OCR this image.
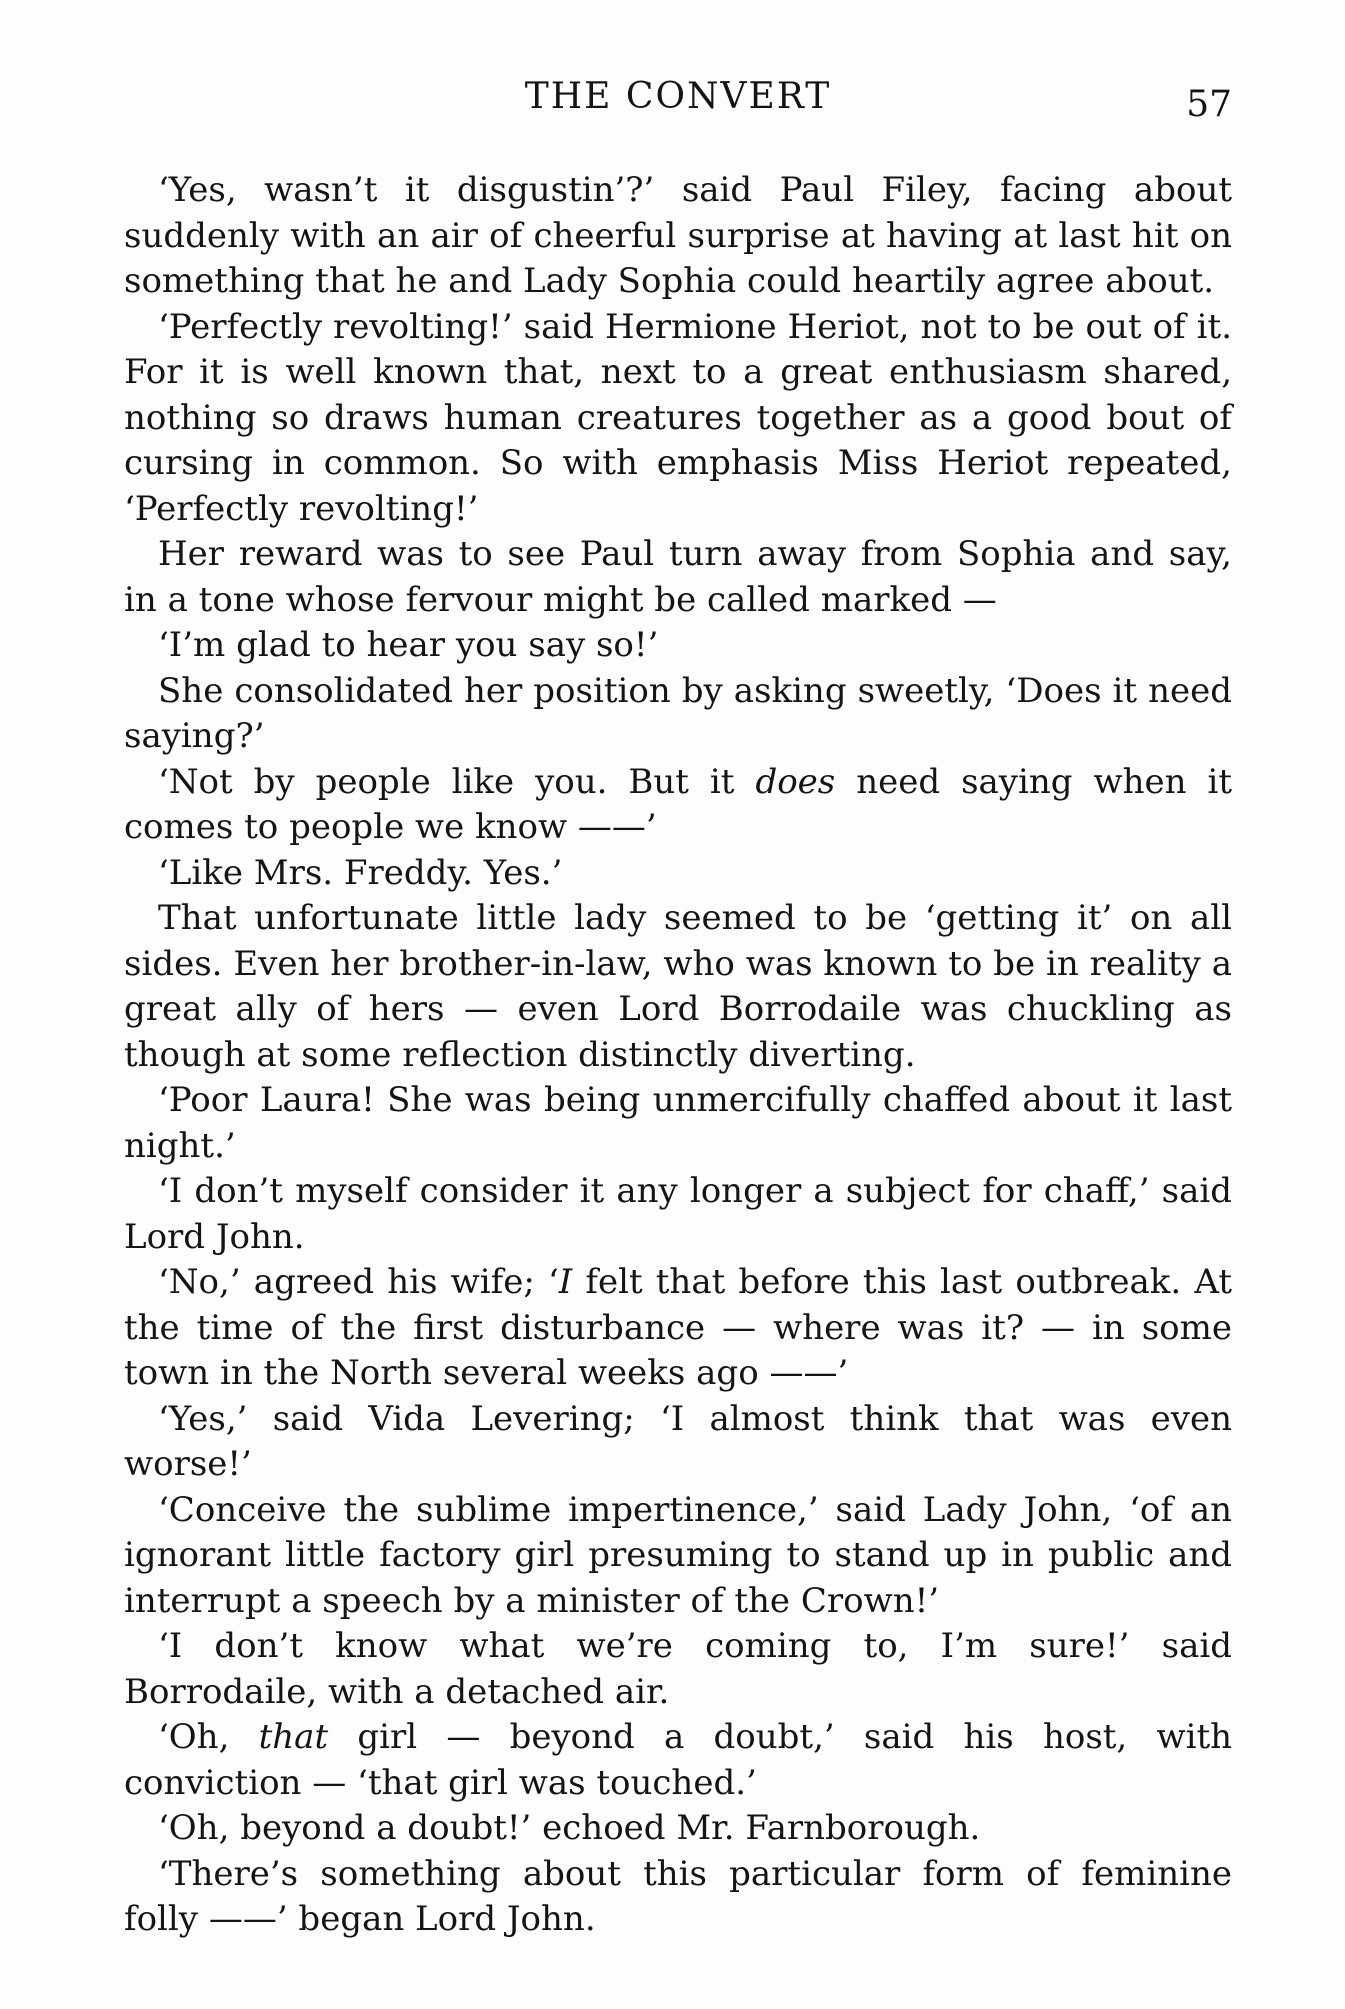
THE CONVERT	57

‘Yes, wasn’t it disgustin’?’ said Paul Filey, facing about suddenly with an air of cheerful surprise at having at last hit on something that he and Lady Sophia could heartily agree about.

‘Perfectly revolting!’ said Hermione Heriot, not to be out of it. For it is well known that, next to a great enthusiasm shared, nothing so draws human creatures together as a good bout of cursing in common. So with emphasis Miss Heriot repeated, ‘Perfectly revolting!’

Her reward was to see Paul turn away from Sophia and say, in a tone whose fervour might be called marked —

‘I’m glad to hear you say so!’

She consolidated her position by asking sweetly, ‘Does it need saying?’

‘Not by people like you. But it does need saying when it comes to people we know ——’

‘Like Mrs. Freddy. Yes.’

That unfortunate little lady seemed to be ‘getting it’ on all sides. Even her brother-in-law, who was known to be in reality a great ally of hers — even Lord Borrodaile was chuckling as though at some reflection distinctly diverting.

‘Poor Laura! She was being unmercifully chaffed about it last night.’

‘I don’t myself consider it any longer a subject for chaff,’ said Lord John.

‘No,’ agreed his wife; ‘I felt that before this last outbreak. At the time of the first disturbance — where was it? — in some town in the North several weeks ago ——’

‘Yes,’ said Vida Levering; ‘I almost think that was even worse!’

‘Conceive the sublime impertinence,’ said Lady John, ‘of an ignorant little factory girl presuming to stand up in public and interrupt a speech by a minister of the Crown!’

‘I don’t know what we’re coming to, I’m sure!’ said Borrodaile, with a detached air.

‘Oh, that girl — beyond a doubt,’ said his host, with conviction — ‘that girl was touched.’

‘Oh, beyond a doubt!’ echoed Mr. Farnborough.

‘There’s something about this particular form of feminine folly ——’ began Lord John.
